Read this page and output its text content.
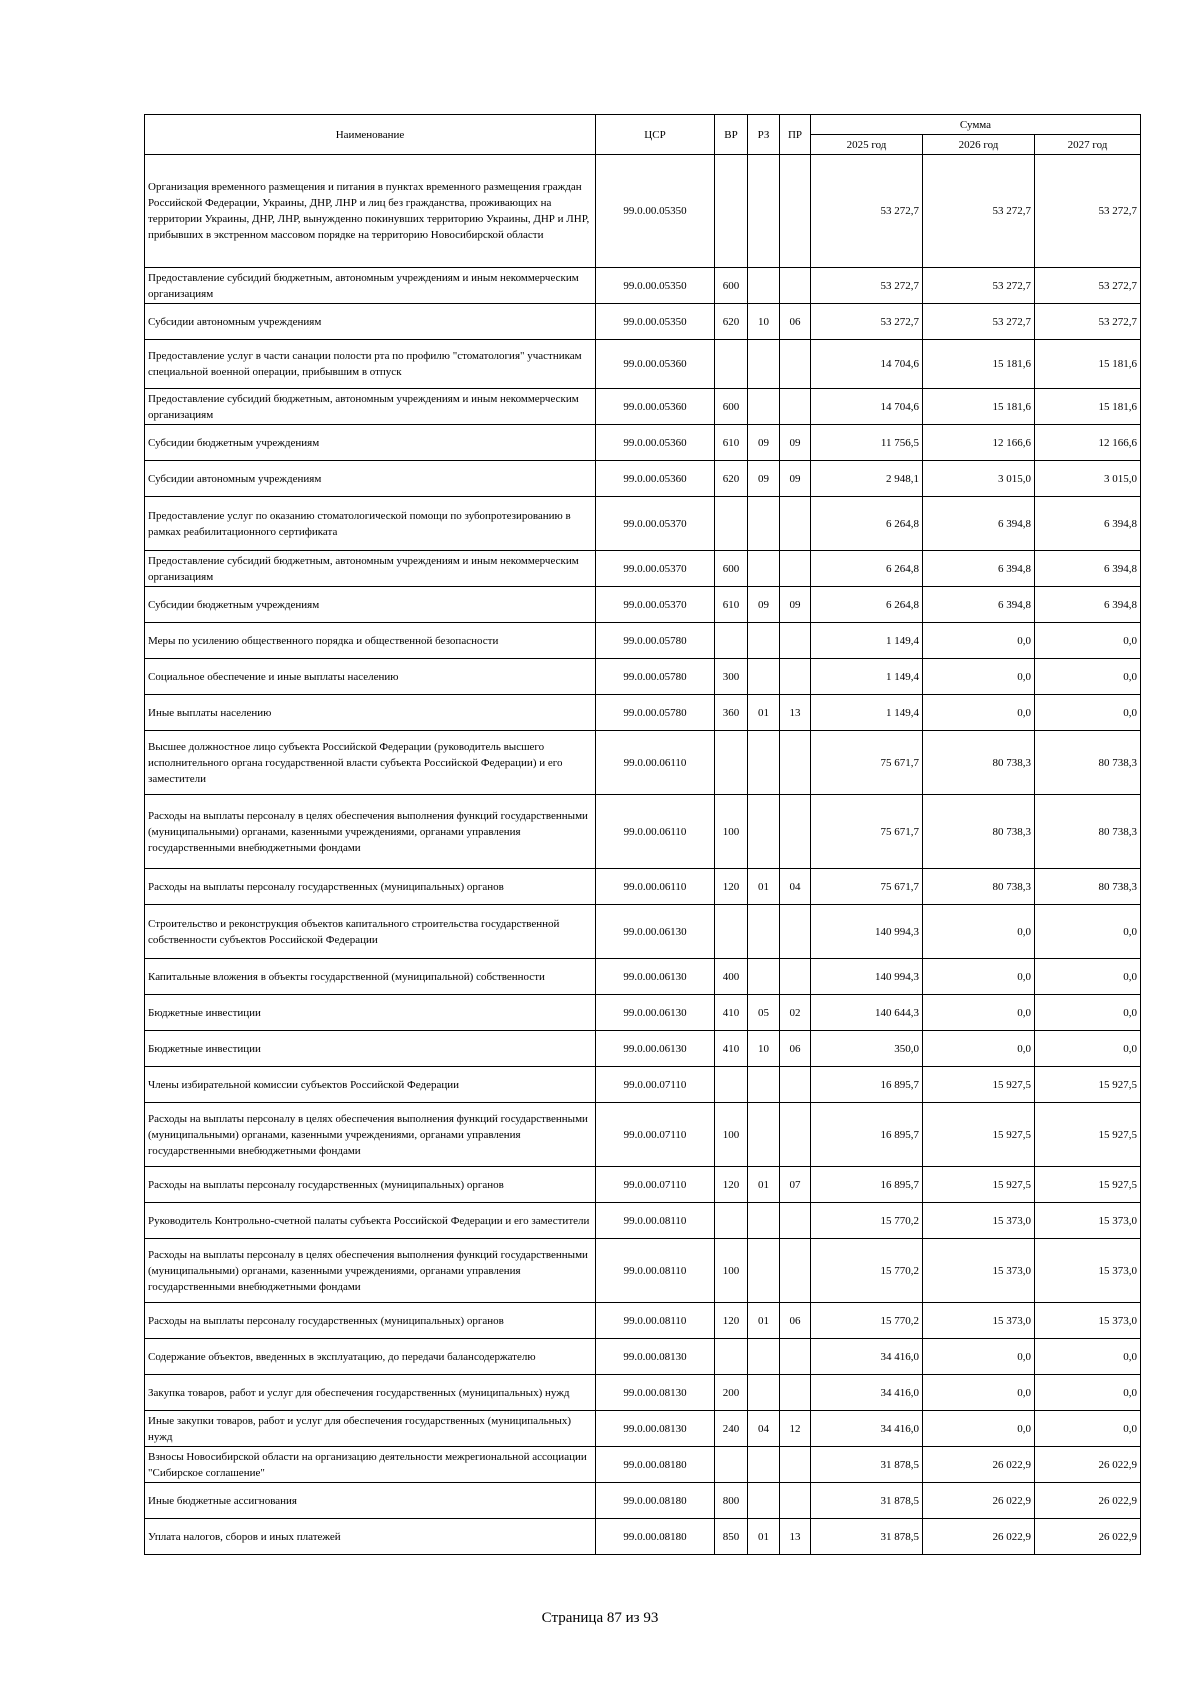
Наименование	ЦСР	ВР	РЗ	ПР	Сумма		
					2025 год	2026 год	2027 год
Организация временного размещения и питания в пунктах временного размещения граждан Российской Федерации, Украины, ДНР, ЛНР и лиц без гражданства, проживающих на территории Украины, ДНР, ЛНР, вынужденно покинувших территорию Украины, ДНР и ЛНР, прибывших в экстренном массовом порядке на территорию Новосибирской области	99.0.00.05350				53 272,7	53 272,7	53 272,7
Предоставление субсидий бюджетным, автономным учреждениям и иным некоммерческим организациям	99.0.00.05350	600			53 272,7	53 272,7	53 272,7
Субсидии автономным учреждениям	99.0.00.05350	620	10	06	53 272,7	53 272,7	53 272,7
Предоставление услуг в части санации полости рта по профилю "стоматология" участникам специальной военной операции, прибывшим в отпуск	99.0.00.05360				14 704,6	15 181,6	15 181,6
Предоставление субсидий бюджетным, автономным учреждениям и иным некоммерческим организациям	99.0.00.05360	600			14 704,6	15 181,6	15 181,6
Субсидии бюджетным учреждениям	99.0.00.05360	610	09	09	11 756,5	12 166,6	12 166,6
Субсидии автономным учреждениям	99.0.00.05360	620	09	09	2 948,1	3 015,0	3 015,0
Предоставление услуг по оказанию стоматологической помощи по зубопротезированию в рамках реабилитационного сертификата	99.0.00.05370				6 264,8	6 394,8	6 394,8
Предоставление субсидий бюджетным, автономным учреждениям и иным некоммерческим организациям	99.0.00.05370	600			6 264,8	6 394,8	6 394,8
Субсидии бюджетным учреждениям	99.0.00.05370	610	09	09	6 264,8	6 394,8	6 394,8
Меры по усилению общественного порядка и общественной безопасности	99.0.00.05780				1 149,4	0,0	0,0
Социальное обеспечение и иные выплаты населению	99.0.00.05780	300			1 149,4	0,0	0,0
Иные выплаты населению	99.0.00.05780	360	01	13	1 149,4	0,0	0,0
Высшее должностное лицо субъекта Российской Федерации (руководитель высшего исполнительного органа государственной власти субъекта Российской Федерации) и его заместители	99.0.00.06110				75 671,7	80 738,3	80 738,3
Расходы на выплаты персоналу в целях обеспечения выполнения функций государственными (муниципальными) органами, казенными учреждениями, органами управления государственными внебюджетными фондами	99.0.00.06110	100			75 671,7	80 738,3	80 738,3
Расходы на выплаты персоналу государственных (муниципальных) органов	99.0.00.06110	120	01	04	75 671,7	80 738,3	80 738,3
Строительство и реконструкция объектов капитального строительства государственной собственности субъектов Российской Федерации	99.0.00.06130				140 994,3	0,0	0,0
Капитальные вложения в объекты государственной (муниципальной) собственности	99.0.00.06130	400			140 994,3	0,0	0,0
Бюджетные инвестиции	99.0.00.06130	410	05	02	140 644,3	0,0	0,0
Бюджетные инвестиции	99.0.00.06130	410	10	06	350,0	0,0	0,0
Члены избирательной комиссии субъектов Российской Федерации	99.0.00.07110				16 895,7	15 927,5	15 927,5
Расходы на выплаты персоналу в целях обеспечения выполнения функций государственными (муниципальными) органами, казенными учреждениями, органами управления государственными внебюджетными фондами	99.0.00.07110	100			16 895,7	15 927,5	15 927,5
Расходы на выплаты персоналу государственных (муниципальных) органов	99.0.00.07110	120	01	07	16 895,7	15 927,5	15 927,5
Руководитель Контрольно-счетной палаты субъекта Российской Федерации и его заместители	99.0.00.08110				15 770,2	15 373,0	15 373,0
Расходы на выплаты персоналу в целях обеспечения выполнения функций государственными (муниципальными) органами, казенными учреждениями, органами управления государственными внебюджетными фондами	99.0.00.08110	100			15 770,2	15 373,0	15 373,0
Расходы на выплаты персоналу государственных (муниципальных) органов	99.0.00.08110	120	01	06	15 770,2	15 373,0	15 373,0
Содержание объектов, введенных в эксплуатацию, до передачи балансодержателю	99.0.00.08130				34 416,0	0,0	0,0
Закупка товаров, работ и услуг для обеспечения государственных (муниципальных) нужд	99.0.00.08130	200			34 416,0	0,0	0,0
Иные закупки товаров, работ и услуг для обеспечения государственных (муниципальных) нужд	99.0.00.08130	240	04	12	34 416,0	0,0	0,0
Взносы Новосибирской области на организацию деятельности межрегиональной ассоциации "Сибирское соглашение"	99.0.00.08180				31 878,5	26 022,9	26 022,9
Иные бюджетные ассигнования	99.0.00.08180	800			31 878,5	26 022,9	26 022,9
Уплата налогов, сборов и иных платежей	99.0.00.08180	850	01	13	31 878,5	26 022,9	26 022,9
Страница 87 из 93
